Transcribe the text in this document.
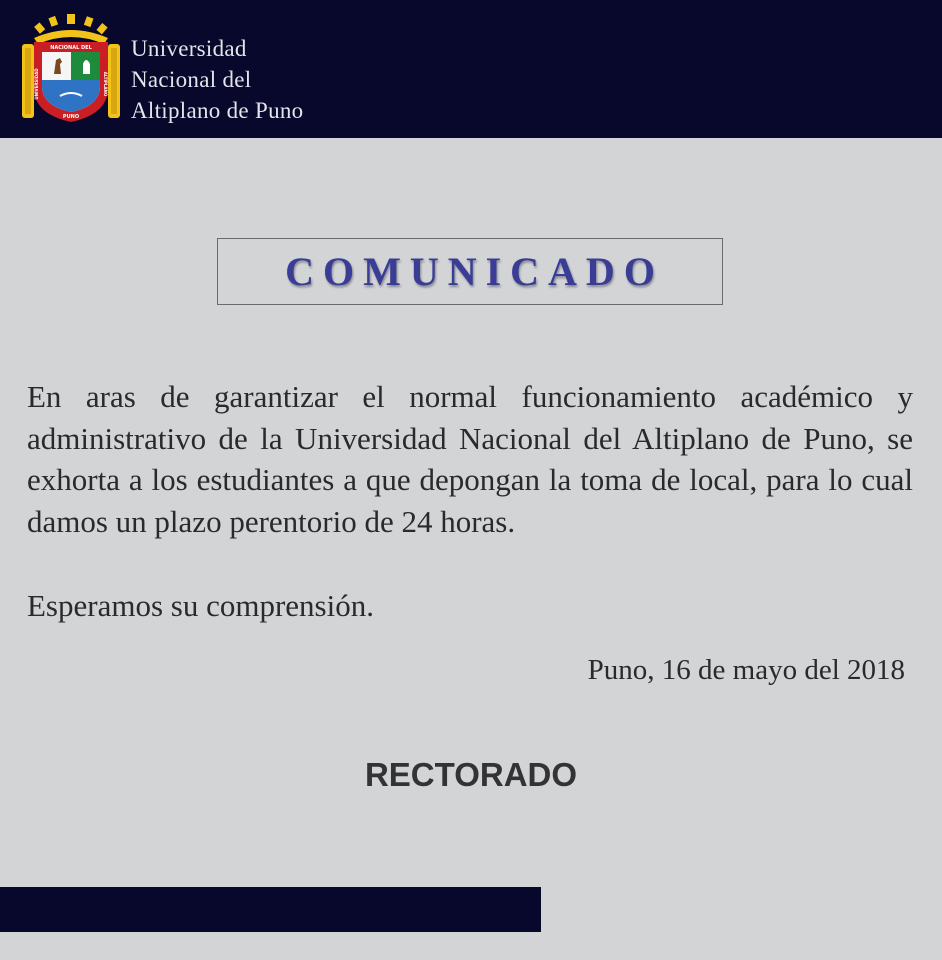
NACIONAL DEL
PUNO
UNIVERSIDAD	ALTIPLANO
Universidad
Nacional del
Altiplano de Puno
COMUNICADO

En aras de garantizar el normal funcionamiento académico y administrativo de la Universidad Nacional del Altiplano de Puno, se exhorta a los estudiantes a que depongan la toma de local, para lo cual damos un plazo perentorio de 24 horas.

Esperamos su comprensión.

Puno, 16 de mayo del 2018

RECTORADO
